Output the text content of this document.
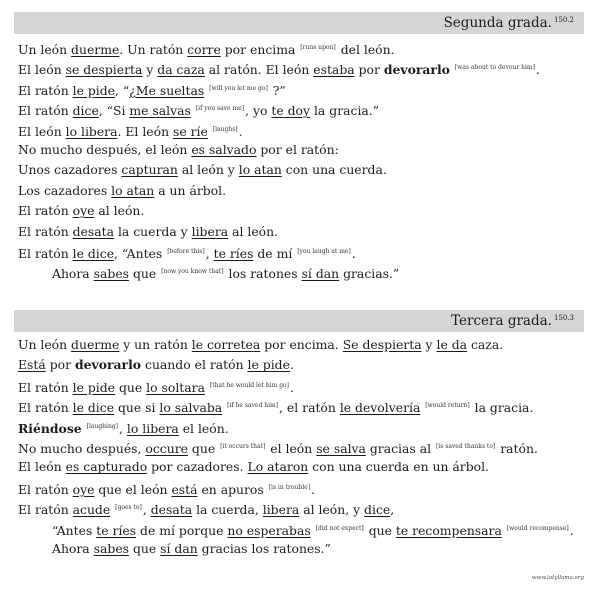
Segunda grada. $^{150.2}$
Un león duerme. Un ratón corre por encima [runs upon] del león.
El león se despierta y da caza al ratón. El león estaba por devorarlo [was about to devour him].
El ratón le pide, “¿Me sueltas [will you let me go] ?”
El ratón dice, “Si me salvas [if you save me], yo te doy la gracia.”
El león lo libera. El león se ríe [laughs].
No mucho después, el león es salvado por el ratón:
Unos cazadores capturan al león y lo atan con una cuerda.
Los cazadores lo atan a un árbol.
El ratón oye al león.
El ratón desata la cuerda y libera al león.
El ratón le dice, “Antes [before this], te ríes de mí [you laugh at me].
Ahora sabes que [now you know that] los ratones sí dan gracias.”
Tercera grada. $^{150.3}$
Un león duerme y un ratón le corretea por encima. Se despierta y le da caza.
Está por devorarlo cuando el ratón le pide.
El ratón le pide que lo soltara [that he would let him go].
El ratón le dice que si lo salvaba [if he saved him], el ratón le devolvería [would return] la gracia.
Riéndose [laughing], lo libera el león.
No mucho después, occure que [it occurs that] el león se salva gracias al [is saved thanks to] ratón.
El león es capturado por cazadores. Lo ataron con una cuerda en un árbol.
El ratón oye que el león está en apuros [is in trouble].
El ratón acude [goes to], desata la cuerda, libera al león, y dice,
“Antes te ríes de mí porque no esperabas [did not expect] que te recompensara [would recompense].
Ahora sabes que sí dan gracias los ratones.”
www.latyllama.org
